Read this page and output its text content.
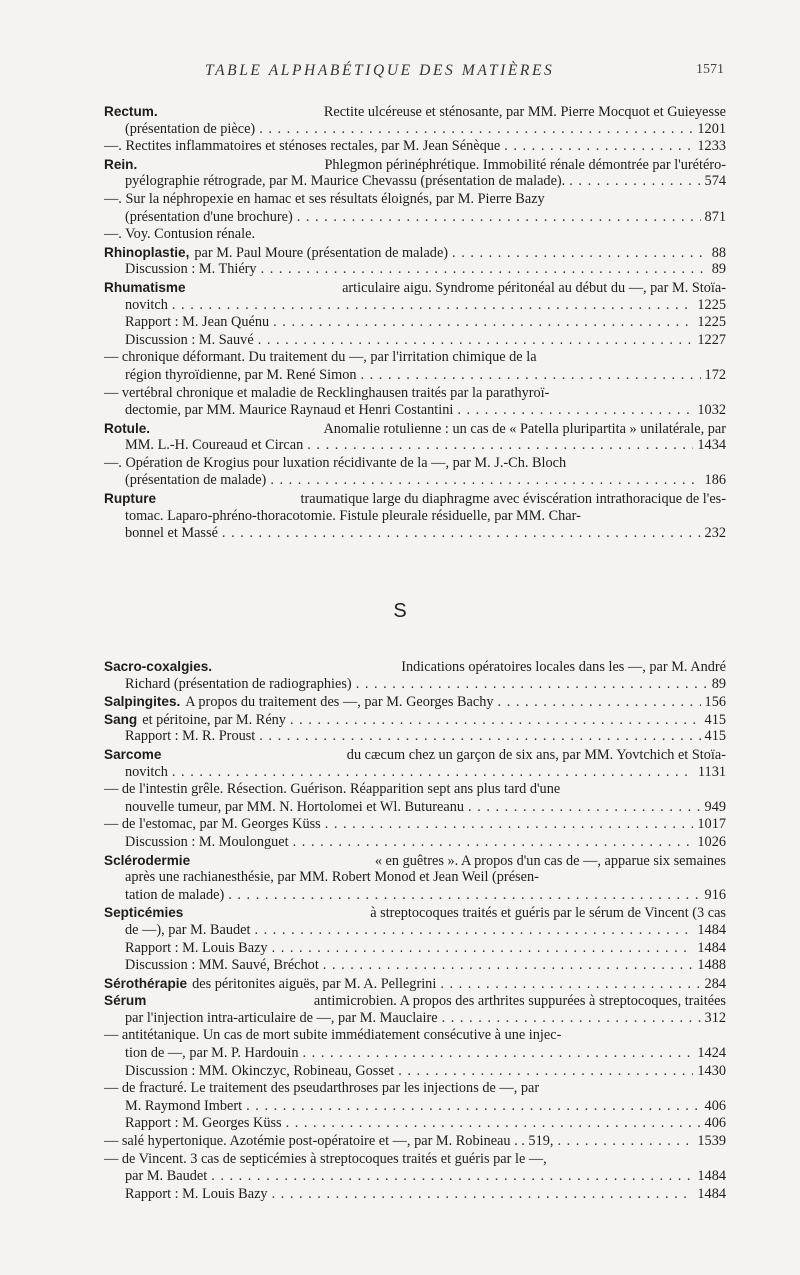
TABLE ALPHABÉTIQUE DES MATIÈRES	1571
Rectum.	Rectite ulcéreuse et sténosante, par MM. Pierre Mocquot et Guieyesse
(présentation de pièce) . . .	1201
—. Rectites inflammatoires et sténoses rectales, par M. Jean Sénèque . . .	1233
Rein.	Phlegmon périnéphrétique. Immobilité rénale démontrée par l'urétéro-
pyélographie rétrograde, par M. Maurice Chevassu (présentation de malade). . . .	574
—. Sur la néphropexie en hamac et ses résultats éloignés, par M. Pierre Bazy
(présentation d'une brochure) . . .	871
—. Voy. Contusion rénale.
Rhinoplastie, par M. Paul Moure (présentation de malade) . . .	88
Discussion : M. Thiéry . . .	89
Rhumatisme	articulaire aigu. Syndrome péritonéal au début du —, par M. Stoïa-
novitch . . .	1225
Rapport : M. Jean Quénu . . .	1225
Discussion : M. Sauvé . . .	1227
— chronique déformant. Du traitement du —, par l'irritation chimique de la
région thyroïdienne, par M. René Simon . . .	172
— vertébral chronique et maladie de Recklinghausen traités par la parathyroï-
dectomie, par MM. Maurice Raynaud et Henri Costantini . . .	1032
Rotule.	Anomalie rotulienne : un cas de « Patella pluripartita » unilatérale, par
MM. L.-H. Coureaud et Circan . . .	1434
—. Opération de Krogius pour luxation récidivante de la —, par M. J.-Ch. Bloch
(présentation de malade) . . .	186
Rupture	traumatique large du diaphragme avec éviscération intrathoracique de l'es-
tomac. Laparo-phréno-thoracotomie. Fistule pleurale résiduelle, par MM. Char-
bonnel et Massé . . .	232
S
Sacro-coxalgies.	Indications opératoires locales dans les —, par M. André
Richard (présentation de radiographies) . . .	89
Salpingites. A propos du traitement des —, par M. Georges Bachy . . .	156
Sang et péritoine, par M. Rény . . .	415
Rapport : M. R. Proust . . .	415
Sarcome	du cæcum chez un garçon de six ans, par MM. Yovtchich et Stoïa-
novitch . . .	1131
— de l'intestin grêle. Résection. Guérison. Réapparition sept ans plus tard d'une
nouvelle tumeur, par MM. N. Hortolomei et Wl. Butureanu . . .	949
— de l'estomac, par M. Georges Küss . . .	1017
Discussion : M. Moulonguet . . .	1026
Sclérodermie	« en guêtres ». A propos d'un cas de —, apparue six semaines
après une rachianesthésie, par MM. Robert Monod et Jean Weil (présen-
tation de malade) . . .	916
Septicémies	à streptocoques traités et guéris par le sérum de Vincent (3 cas
de —), par M. Baudet . . .	1484
Rapport : M. Louis Bazy . . .	1484
Discussion : MM. Sauvé, Bréchot . . .	1488
Sérothérapie des péritonites aiguës, par M. A. Pellegrini . . .	284
Sérum	antimicrobien. A propos des arthrites suppurées à streptocoques, traitées
par l'injection intra-articulaire de —, par M. Mauclaire . . .	312
— antitétanique. Un cas de mort subite immédiatement consécutive à une injec-
tion de —, par M. P. Hardouin . . .	1424
Discussion : MM. Okinczyc, Robineau, Gosset . . .	1430
— de fracturé. Le traitement des pseudarthroses par les injections de —, par
M. Raymond Imbert . . .	406
Rapport : M. Georges Küss . . .	406
— salé hypertonique. Azotémie post-opératoire et —, par M. Robineau . . 519, . . .	1539
— de Vincent. 3 cas de septicémies à streptocoques traités et guéris par le —,
par M. Baudet . . .	1484
Rapport : M. Louis Bazy . . .	1484
